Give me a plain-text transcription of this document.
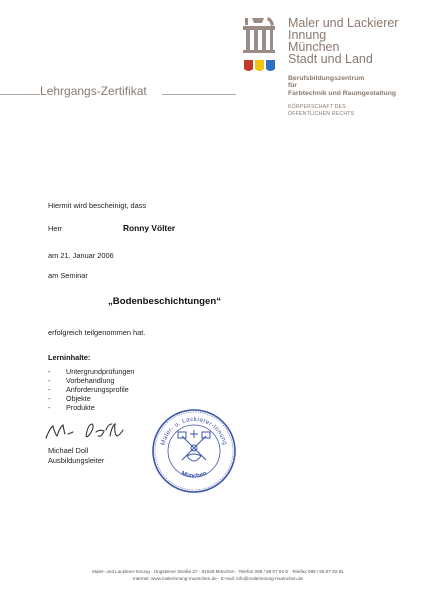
Maler und Lackierer
Innung
München
Stadt und Land
Berufsbildungszentrum
für
Farbtechnik und Raumgestaltung
KÖRPERSCHAFT DES
ÖFFENTLICHEN RECHTS
Lehrgangs-Zertifikat
Hiermit wird bescheinigt, dass
Herr	Ronny Völter
am 21. Januar 2006
am Seminar
„Bodenbeschichtungen“
erfolgreich teilgenommen hat.
Lerninhalte:
- Untergrundprüfungen
- Vorbehandlung
- Anforderungsprofile
- Objekte
- Produkte
Michael Doll
Ausbildungsleiter
Maler- u. Lackierer-Innung
München
Maler- und Lackierer-Innung · Ungsteiner Straße 27 · 81539 München · Telefon 089 / 68 07 82-0 · Telefax 089 / 68 07 82-81
Internet: www.malerinnung-muenchen.de · E-mail: info@malerinnung-muenchen.de
